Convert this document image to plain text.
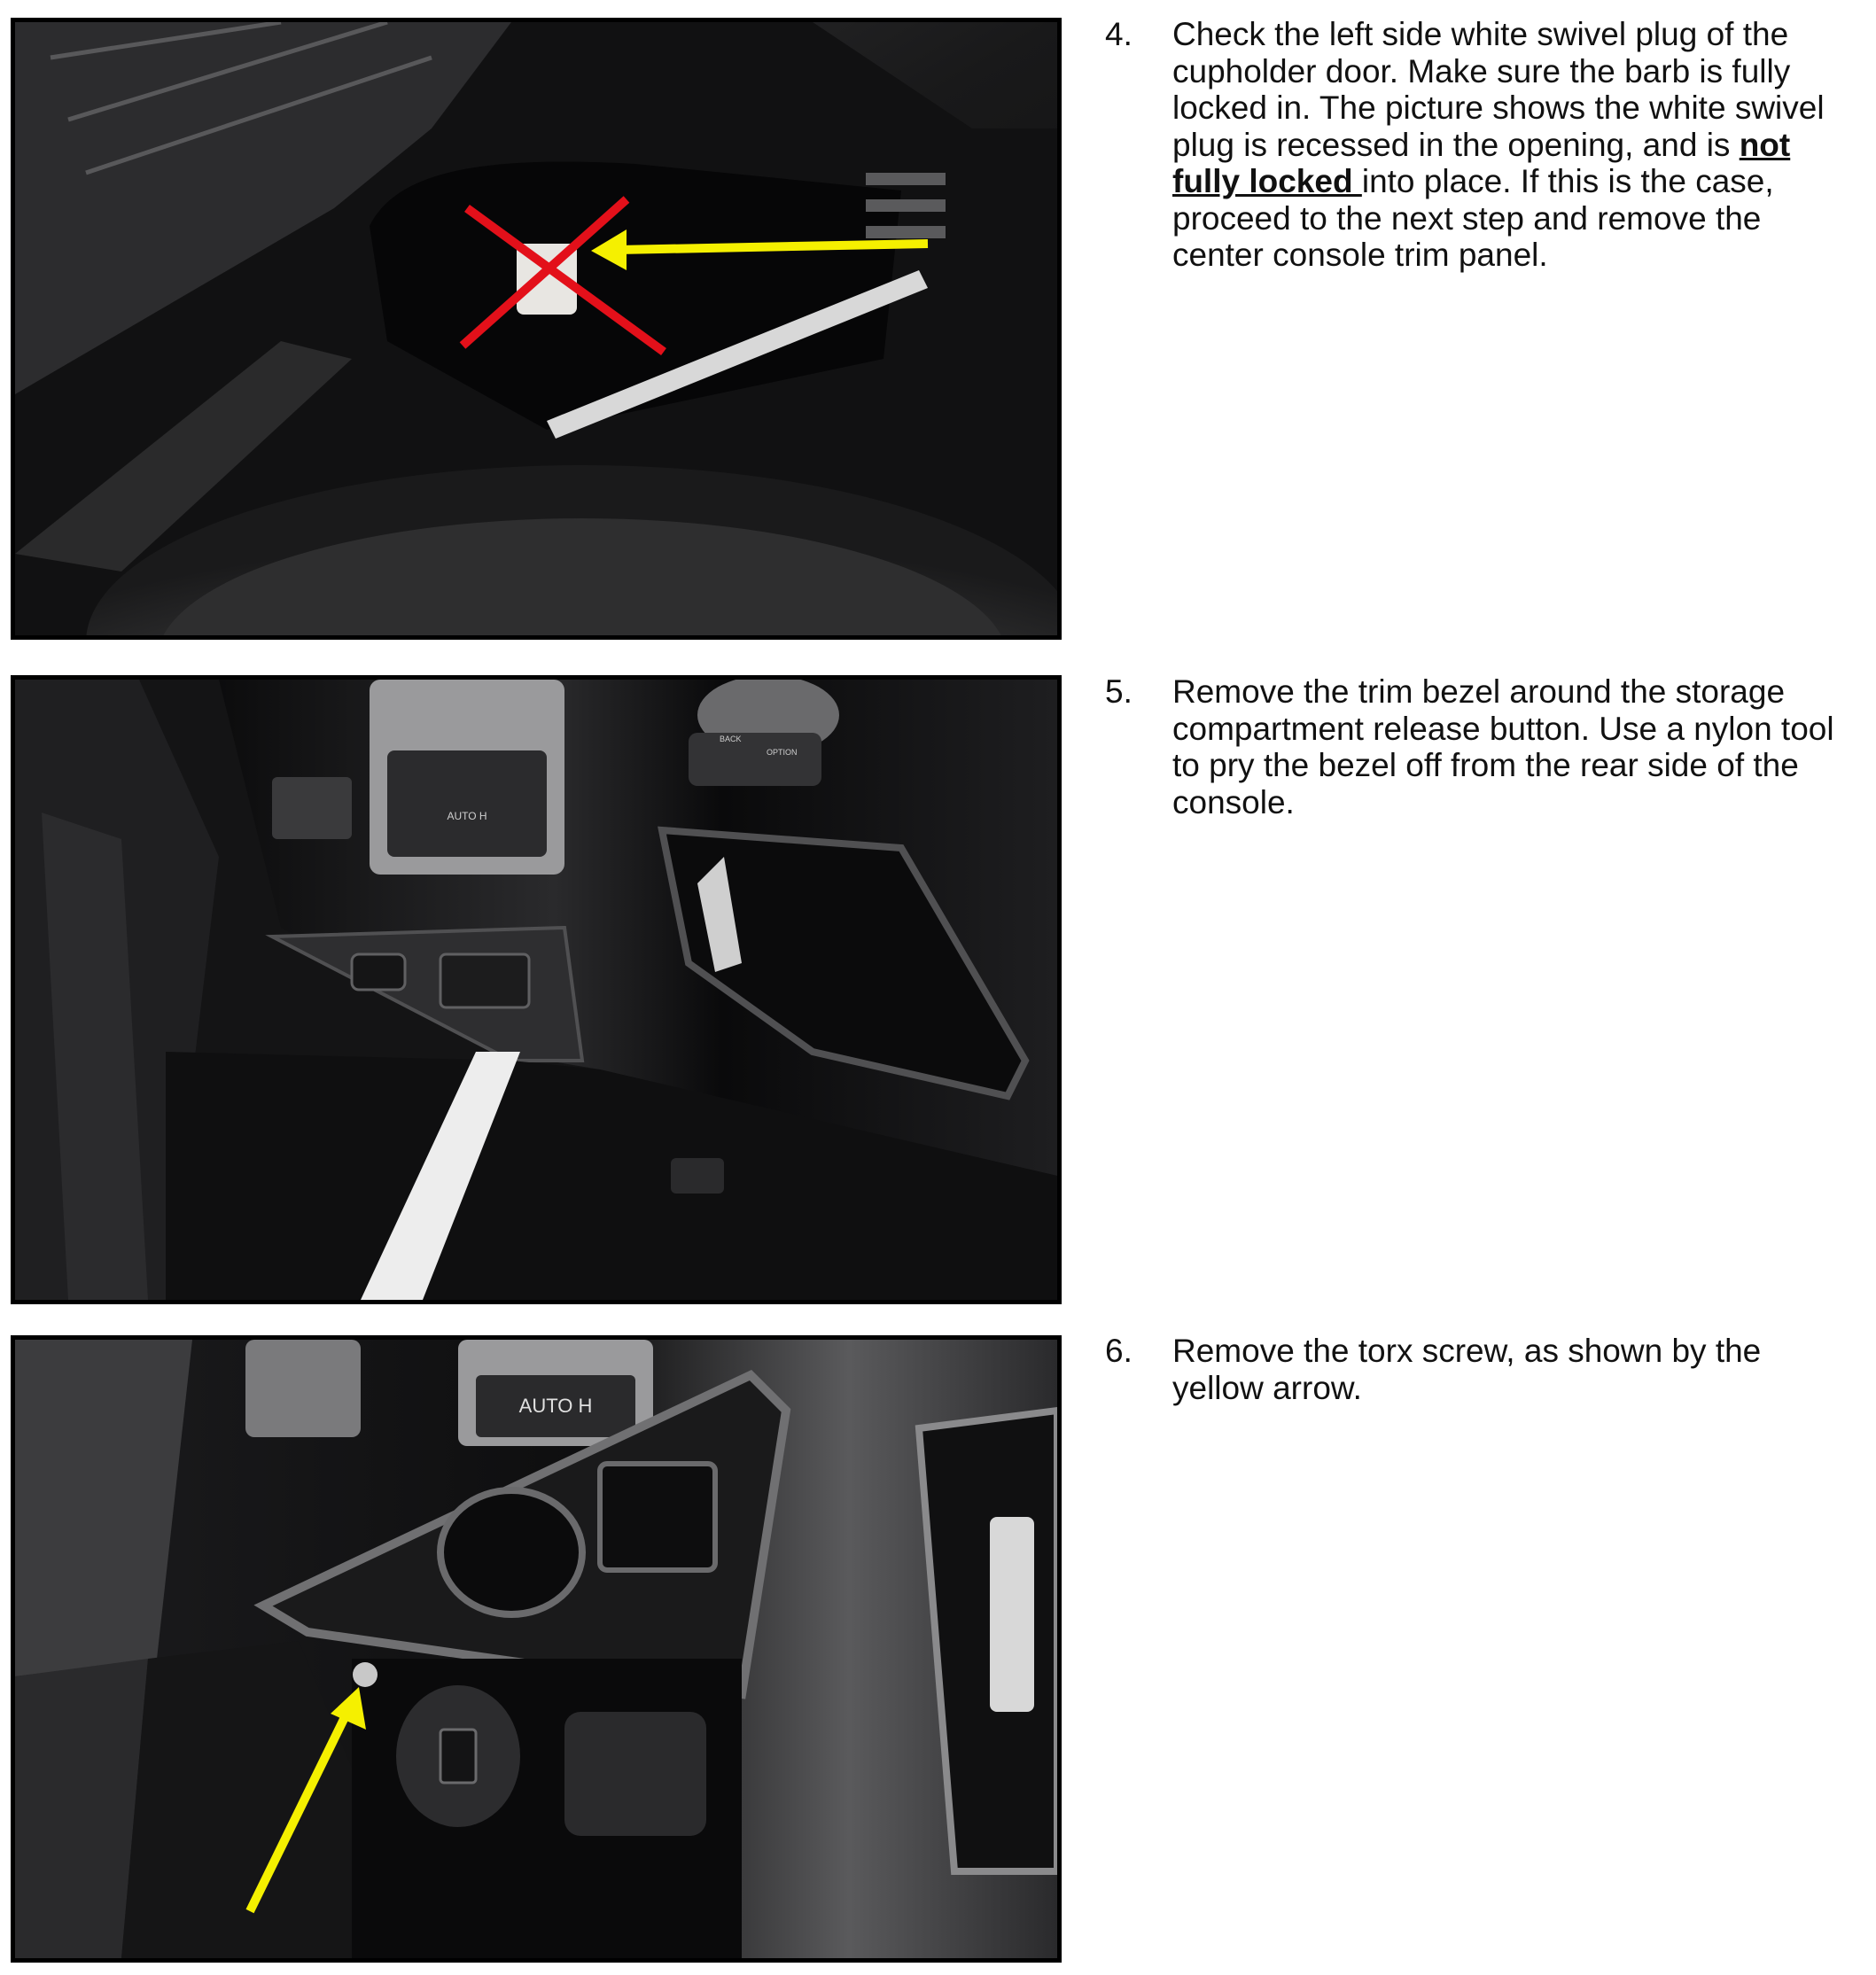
4.	Check the left side white swivel plug of the cupholder door. Make sure the barb is fully locked in. The picture shows the white swivel plug is recessed in the opening, and is not fully locked into place. If this is the case, proceed to the next step and remove the center console trim panel.
AUTO H
BACK
OPTION
5.	Remove the trim bezel around the storage compartment release button. Use a nylon tool to pry the bezel off from the rear side of the console.
AUTO H
6.	Remove the torx screw, as shown by the yellow arrow.
